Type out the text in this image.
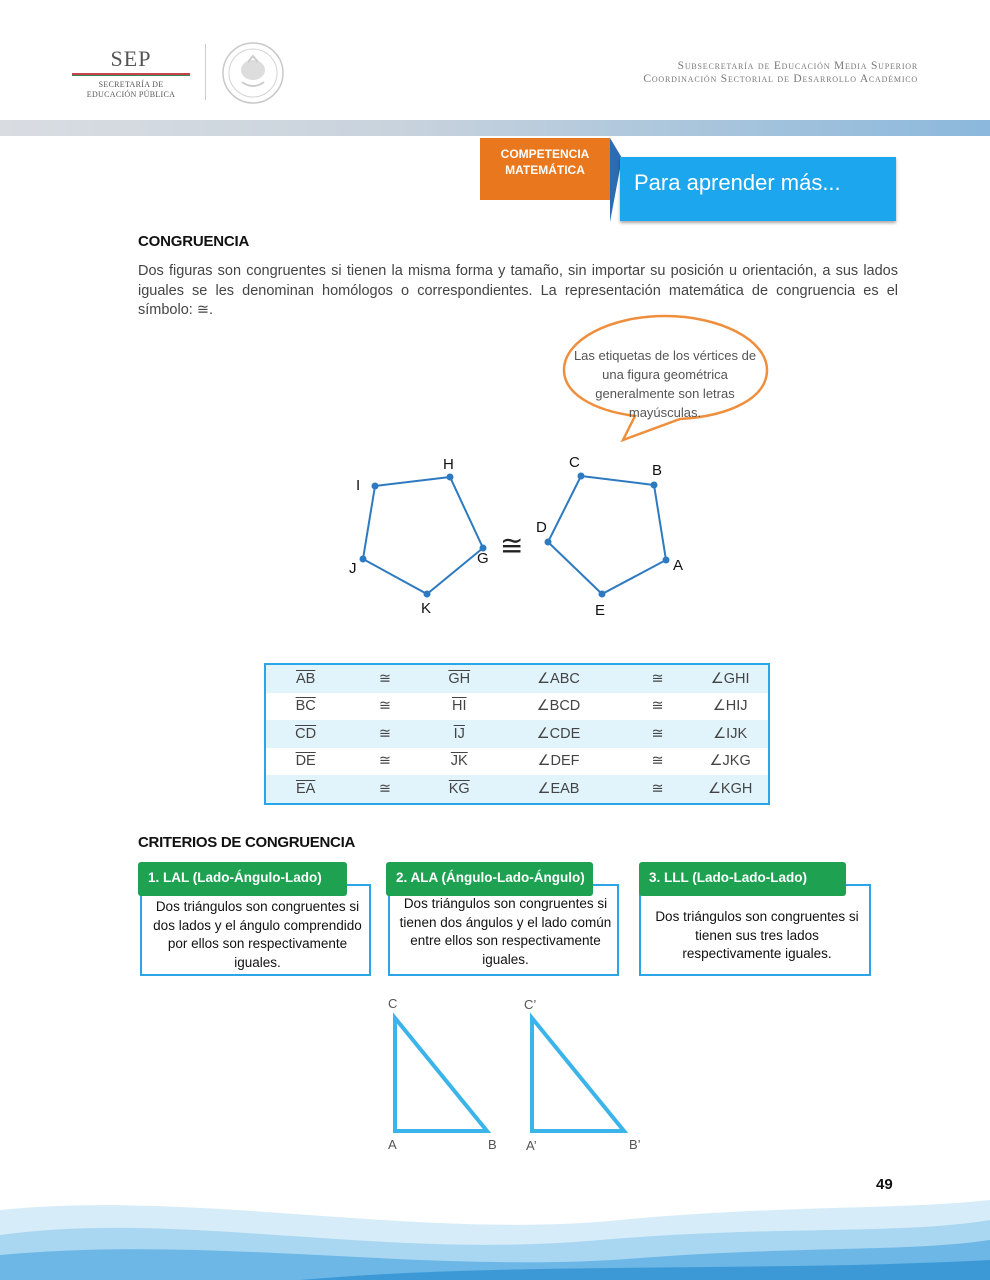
SEP
SECRETARÍA DE
EDUCACIÓN PÚBLICA
Subsecretaría de Educación Media Superior
Coordinación Sectorial de Desarrollo Académico
COMPETENCIA
MATEMÁTICA	Para aprender más...
CONGRUENCIA
Dos figuras son congruentes si tienen la misma forma y tamaño, sin importar su posición u orientación, a sus lados iguales se les denominan homólogos o correspondientes. La representación matemática de congruencia es el símbolo: ≅.
Las etiquetas de los vértices de una figura geométrica generalmente son letras mayúsculas.
H
I
J
K
G ≅
C	B
D
A
E
$\overline{AB}$	≅	$\overline{GH}$	∠ABC	≅	∠GHI
$\overline{BC}$	≅	$\overline{HI}$	∠BCD	≅	∠HIJ
$\overline{CD}$	≅	$\overline{IJ}$	∠CDE	≅	∠IJK
$\overline{DE}$	≅	$\overline{JK}$	∠DEF	≅	∠JKG
$\overline{EA}$	≅	$\overline{KG}$	∠EAB	≅	∠KGH
CRITERIOS DE CONGRUENCIA
Dos triángulos son congruentes si dos lados y el ángulo comprendido por ellos son respectivamente iguales.
1. LAL (Lado-Ángulo-Lado)
Dos triángulos son congruentes si tienen dos ángulos y el lado común entre ellos son respectivamente iguales.
2. ALA (Ángulo-Lado-Ángulo)
Dos triángulos son congruentes si tienen sus tres lados respectivamente iguales.
3. LLL (Lado-Lado-Lado)
C
A	B
C’
A’	B’
49
